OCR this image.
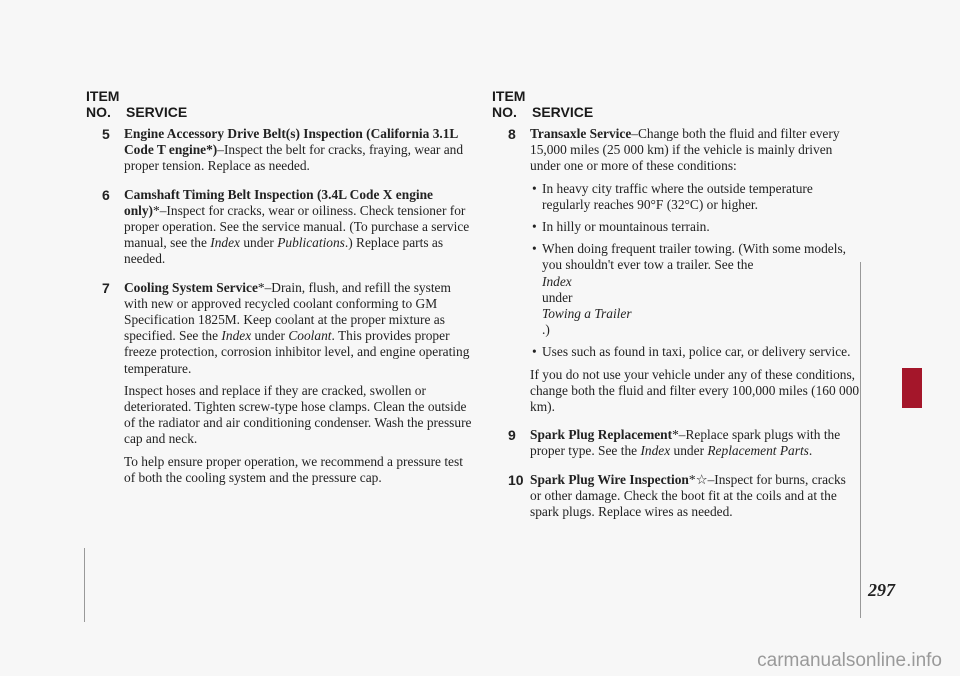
ITEM
NO.	SERVICE
5	Engine Accessory Drive Belt(s) Inspection (California 3.1L Code T engine*)–Inspect the belt for cracks, fraying, wear and proper tension. Replace as needed.

6	Camshaft Timing Belt Inspection (3.4L Code X engine only)*–Inspect for cracks, wear or oiliness. Check tensioner for proper operation. See the service manual. (To purchase a service manual, see the Index under Publications.) Replace parts as needed.

7	Cooling System Service*–Drain, flush, and refill the system with new or approved recycled coolant conforming to GM Specification 1825M. Keep coolant at the proper mixture as specified. See the Index under Coolant. This provides proper freeze protection, corrosion inhibitor level, and engine operating temperature.

Inspect hoses and replace if they are cracked, swollen or deteriorated. Tighten screw-type hose clamps. Clean the outside of the radiator and air conditioning condenser. Wash the pressure cap and neck.

To help ensure proper operation, we recommend a pressure test of both the cooling system and the pressure cap.

ITEM
NO.	SERVICE
8	Transaxle Service–Change both the fluid and filter every 15,000 miles (25 000 km) if the vehicle is mainly driven under one or more of these conditions:

• In heavy city traffic where the outside temperature regularly reaches 90°F (32°C) or higher.
• In hilly or mountainous terrain.
• When doing frequent trailer towing. (With some models, you shouldn't ever tow a trailer. See the
Index
under
Towing a Trailer
.)
• Uses such as found in taxi, police car, or delivery service.

If you do not use your vehicle under any of these conditions, change both the fluid and filter every 100,000 miles (160 000 km).

9	Spark Plug Replacement*–Replace spark plugs with the proper type. See the Index under Replacement Parts.

10 Spark Plug Wire Inspection*☆–Inspect for burns, cracks or other damage. Check the boot fit at the coils and at the spark plugs. Replace wires as needed.

297
carmanualsonline.info
